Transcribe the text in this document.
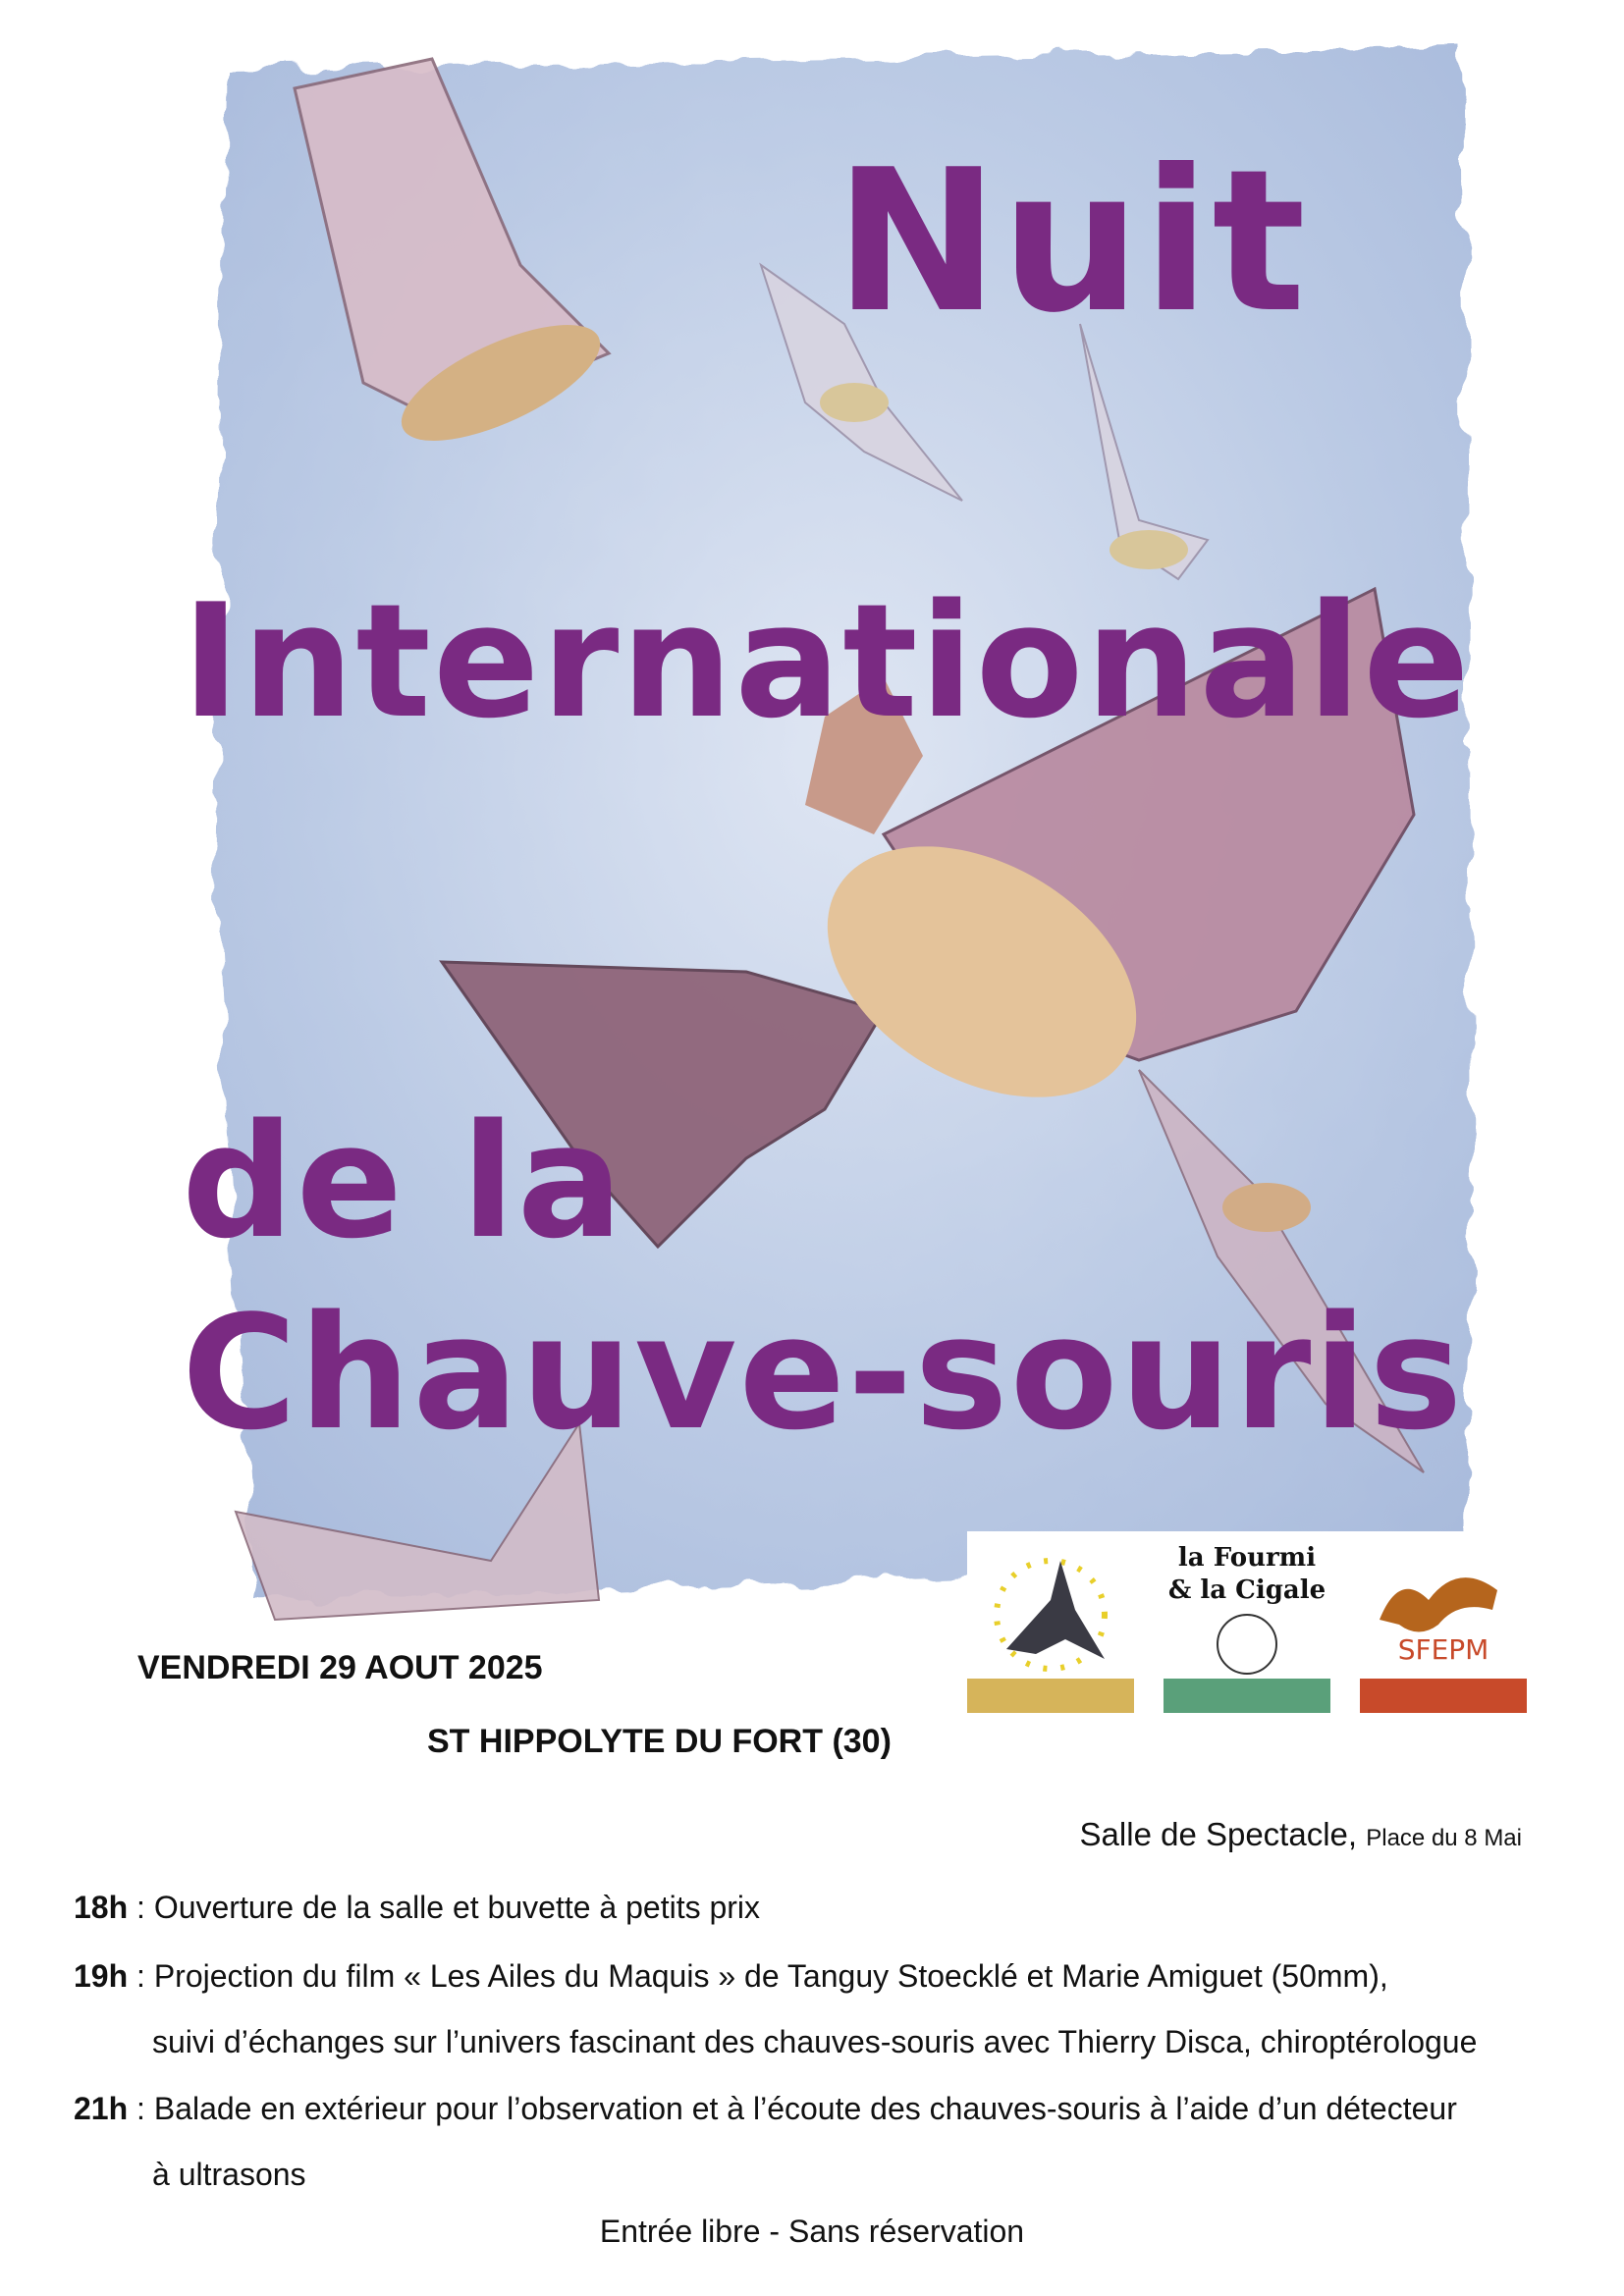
Nuit
Internationale
de la
Chauve-souris
la Fourmi
& la Cigale
SFEPM
VENDREDI 29 AOUT 2025
ST HIPPOLYTE DU FORT (30)
Salle de Spectacle, Place du 8 Mai
18h : Ouverture de la salle et buvette à petits prix
19h : Projection du film « Les Ailes du Maquis » de Tanguy Stoecklé et Marie Amiguet (50mm),
suivi d’échanges sur l’univers fascinant des chauves-souris avec Thierry Disca, chiroptérologue
21h : Balade en extérieur pour l’observation et à l’écoute des chauves-souris à l’aide d’un détecteur
à ultrasons
Entrée libre - Sans réservation
